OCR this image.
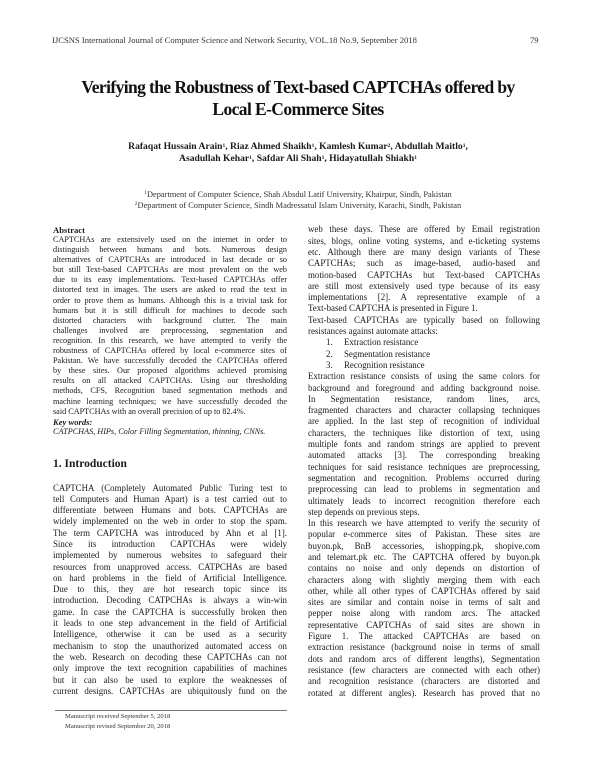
IJCSNS International Journal of Computer Science and Network Security, VOL.18 No.9, September 2018	79
Verifying the Robustness of Text-based CAPTCHAs offered by
Local E-Commerce Sites
Rafaqat Hussain Arain$^1$, Riaz Ahmed Shaikh$^1$, Kamlesh Kumar$^2$, Abdullah Maitlo$^1$,
Asadullah Kehar$^1$, Safdar Ali Shah$^1$, Hidayatullah Shiakh$^1$
$^1$Department of Computer Science, Shah Absdul Latif University, Khairpur, Sindh, Pakistan
$^2$Department of Computer Science, Sindh Madressatul Islam University, Karachi, Sindh, Pakistan
Abstract
CAPTCHAs are extensively used on the internet in order to
distinguish between humans and bots. Numerous design
alternatives of CAPTCHAs are introduced in last decade or so
but still Text-based CAPTCHAs are most prevalent on the web
due to its easy implementations. Text-based CAPTCHAs offer
distorted text in images. The users are asked to read the text in
order to prove them as humans. Although this is a trivial task for
humans but it is still difficult for machines to decode such
distorted characters with background clutter. The main
challenges involved are preprocessing, segmentation and
recognition. In this research, we have attempted to verify the
robustness of CAPTCHAs offered by local e-commerce sites of
Pakistan. We have successfully decoded the CAPTCHAs offered
by these sites. Our proposed algorithms achieved promising
results on all attacked CAPTCHAs. Using our thresholding
methods, CFS, Recognition based segmentation methods and
machine learning techniques; we have successfully decoded the
said CAPTCHAs with an overall precision of up to 82.4%.
Key words:
CATPCHAS, HIPs, Color Filling Segmentation, thinning, CNNs.
1. Introduction
CAPTCHA (Completely Automated Public Turing test to
tell Computers and Human Apart) is a test carried out to
differentiate between Humans and bots. CAPTCHAs are
widely implemented on the web in order to stop the spam.
The term CAPTCHA was introduced by Ahn et al [1].
Since its introduction CAPTCHAs were widely
implemented by numerous websites to safeguard their
resources from unapproved access. CATPCHAs are based
on hard problems in the field of Artificial Intelligence.
Due to this, they are hot research topic since its
introduction. Decoding CATPCHAs is always a win-win
game. In case the CAPTCHA is successfully broken then
it leads to one step advancement in the field of Artificial
Intelligence, otherwise it can be used as a security
mechanism to stop the unauthorized automated access on
the web. Research on decoding these CAPTCHAs can not
only improve the text recognition capabilities of machines
but it can also be used to explore the weaknesses of
current designs. CAPTCHAs are ubiquitously fund on the
web these days. These are offered by Email registration
sites, blogs, online voting systems, and e-ticketing systems
etc. Although there are many design variants of These
CAPTCHAs; such as image-based, audio-based and
motion-based CAPTCHAs but Text-based CAPTCHAs
are still most extensively used type because of its easy
implementations [2]. A representative example of a
Text-based CAPTCHA is presented in Figure 1.
Text-based CAPTCHAs are typically based on following
resistances against automate attacks:
1. Extraction resistance
2. Segmentation resistance
3. Recognition resistance
Extraction resistance consists of using the same colors for
background and foreground and adding background noise.
In Segmentation resistance, random lines, arcs,
fragmented characters and character collapsing techniques
are applied. In the last step of recognition of individual
characters, the techniques like distortion of text, using
multiple fonts and random strings are applied to prevent
automated attacks [3]. The corresponding breaking
techniques for said resistance techniques are preprocessing,
segmentation and recognition. Problems occurred during
preprocessing can lead to problems in segmentation and
ultimately leads to incorrect recognition therefore each
step depends on previous steps.
In this research we have attempted to verify the security of
popular e-commerce sites of Pakistan. These sites are
buyon.pk, BnB accessories, ishopping.pk, shopive.com
and telemart.pk etc. The CAPTCHA offered by buyon.pk
contains no noise and only depends on distortion of
characters along with slightly merging them with each
other, while all other types of CAPTCHAs offered by said
sites are similar and contain noise in terms of salt and
pepper noise along with random arcs. The attacked
representative CAPTCHAs of said sites are shown in
Figure 1. The attacked CAPTCHAs are based on
extraction resistance (background noise in terms of small
dots and random arcs of different lengths), Segmentation
resistance (few characters are connected with each other)
and recognition resistance (characters are distorted and
rotated at different angles). Research has proved that no
Manuscript received September 5, 2018
Manuscript revised September 20, 2018
